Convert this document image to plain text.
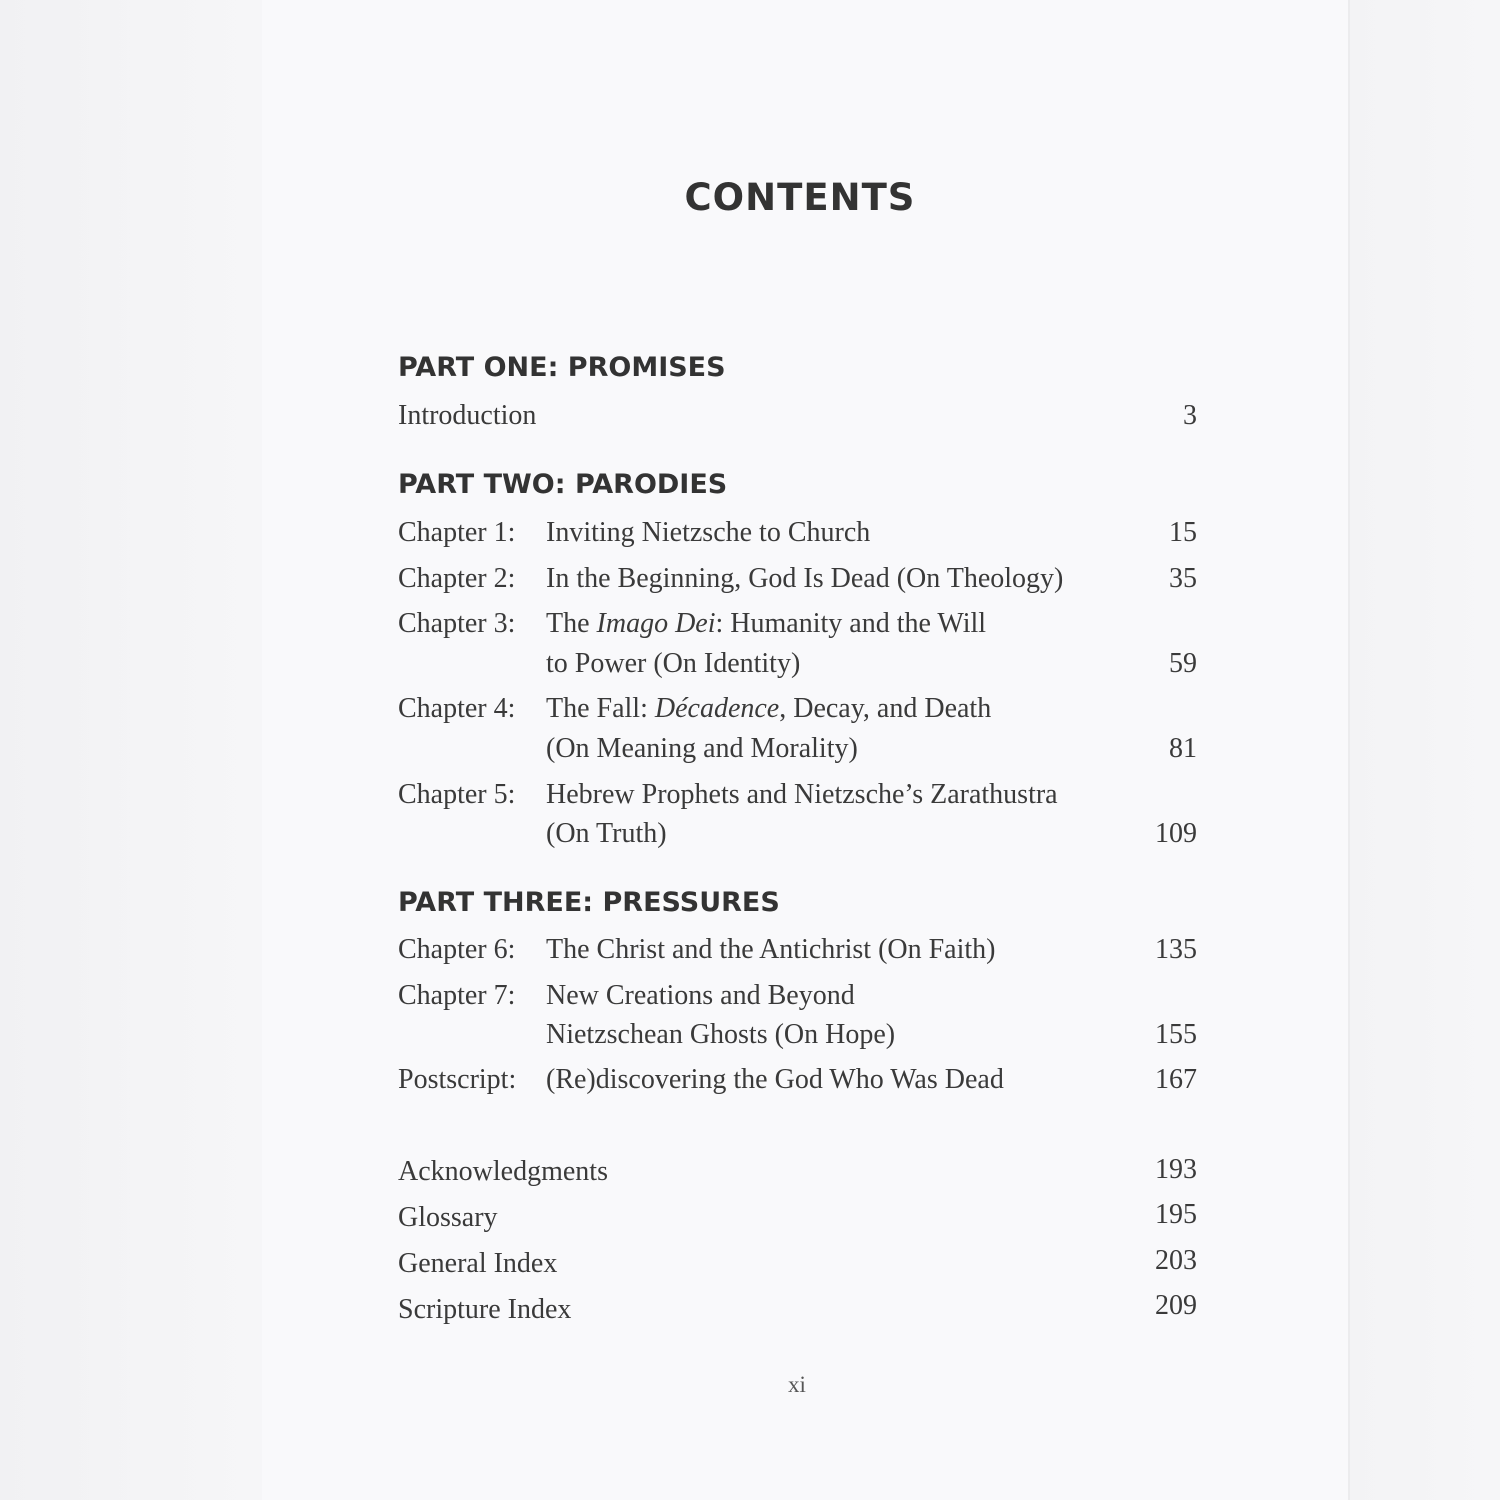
CONTENTS
PART ONE: PROMISES
Introduction	3
PART TWO: PARODIES
Chapter 1: Inviting Nietzsche to Church	15
Chapter 2: In the Beginning, God Is Dead (On Theology)	35
Chapter 3: The Imago Dei: Humanity and the Will
to Power (On Identity)	59
Chapter 4: The Fall: Décadence, Decay, and Death
(On Meaning and Morality)	81
Chapter 5: Hebrew Prophets and Nietzsche’s Zarathustra
(On Truth)	109
PART THREE: PRESSURES
Chapter 6: The Christ and the Antichrist (On Faith)	135
Chapter 7: New Creations and Beyond
Nietzschean Ghosts (On Hope)	155
Postscript: (Re)discovering the God Who Was Dead	167
Acknowledgments	193
Glossary	195
General Index	203
Scripture Index	209
xi
